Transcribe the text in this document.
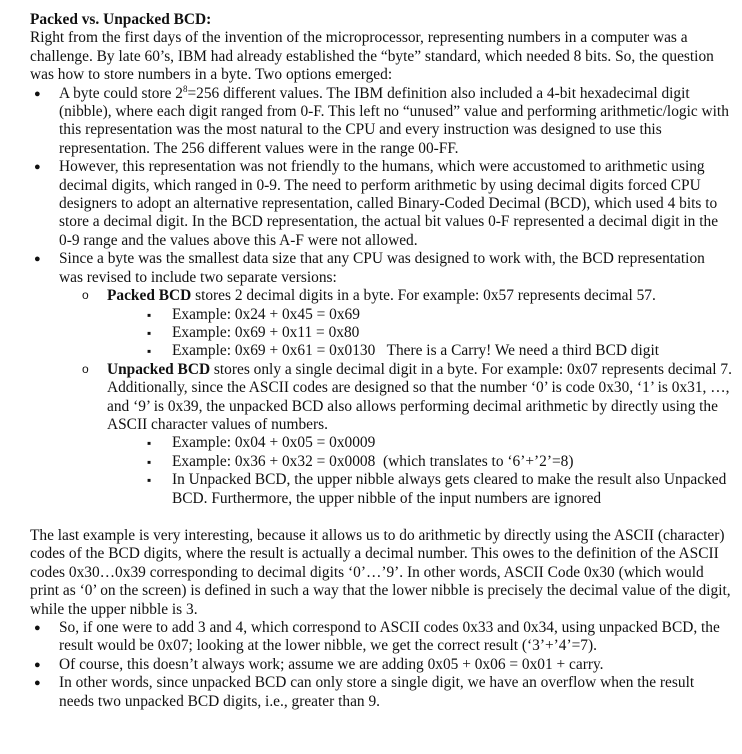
Packed vs. Unpacked BCD:

Right from the first days of the invention of the microprocessor, representing numbers in a computer was a challenge. By late 60’s, IBM had already established the “byte” standard, which needed 8 bits. So, the question was how to store numbers in a byte. Two options emerged:

● A byte could store $2^8=256$ different values. The IBM definition also included a 4-bit hexadecimal digit (nibble), where each digit ranged from 0-F. This left no “unused” value and performing arithmetic/logic with this representation was the most natural to the CPU and every instruction was designed to use this representation. The 256 different values were in the range 00-FF.
● However, this representation was not friendly to the humans, which were accustomed to arithmetic using decimal digits, which ranged in 0-9. The need to perform arithmetic by using decimal digits forced CPU designers to adopt an alternative representation, called Binary-Coded Decimal (BCD), which used 4 bits to store a decimal digit. In the BCD representation, the actual bit values 0-F represented a decimal digit in the 0-9 range and the values above this A-F were not allowed.
● Since a byte was the smallest data size that any CPU was designed to work with, the BCD representation was revised to include two separate versions:
o Packed BCD stores 2 decimal digits in a byte. For example: 0x57 represents decimal 57.
▪ Example: 0x24 + 0x45 = 0x69
▪ Example: 0x69 + 0x11 = 0x80
▪ Example: 0x69 + 0x61 = 0x0130   There is a Carry! We need a third BCD digit
o Unpacked BCD stores only a single decimal digit in a byte. For example: 0x07 represents decimal 7. Additionally, since the ASCII codes are designed so that the number ‘0’ is code 0x30, ‘1’ is 0x31, …, and ‘9’ is 0x39, the unpacked BCD also allows performing decimal arithmetic by directly using the ASCII character values of numbers.
▪ Example: 0x04 + 0x05 = 0x0009
▪ Example: 0x36 + 0x32 = 0x0008  (which translates to ‘6’+’2’=8)
▪ In Unpacked BCD, the upper nibble always gets cleared to make the result also Unpacked BCD. Furthermore, the upper nibble of the input numbers are ignored

The last example is very interesting, because it allows us to do arithmetic by directly using the ASCII (character) codes of the BCD digits, where the result is actually a decimal number. This owes to the definition of the ASCII codes 0x30…0x39 corresponding to decimal digits ‘0’…’9’. In other words, ASCII Code 0x30 (which would print as ‘0’ on the screen) is defined in such a way that the lower nibble is precisely the decimal value of the digit, while the upper nibble is 3.

● So, if one were to add 3 and 4, which correspond to ASCII codes 0x33 and 0x34, using unpacked BCD, the result would be 0x07; looking at the lower nibble, we get the correct result (‘3’+’4’=7).
● Of course, this doesn’t always work; assume we are adding 0x05 + 0x06 = 0x01 + carry.
● In other words, since unpacked BCD can only store a single digit, we have an overflow when the result needs two unpacked BCD digits, i.e., greater than 9.
